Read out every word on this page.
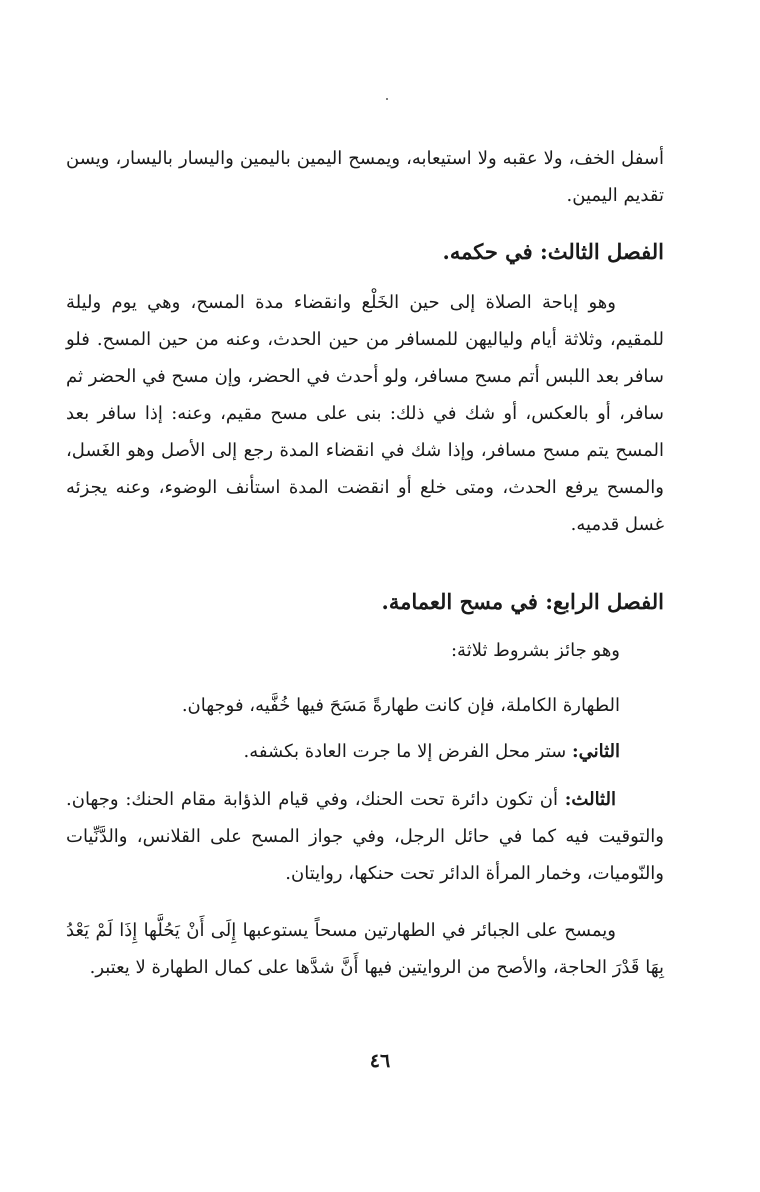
أسفل الخف، ولا عقبه ولا استيعابه، ويمسح اليمين باليمين واليسار باليسار، ويسن تقديم اليمين.
الفصل الثالث: في حكمه.
وهو إباحة الصلاة إلى حين الخَلْع وانقضاء مدة المسح، وهي يوم وليلة للمقيم، وثلاثة أيام ولياليهن للمسافر من حين الحدث، وعنه من حين المسح. فلو سافر بعد اللبس أتم مسح مسافر، ولو أحدث في الحضر، وإن مسح في الحضر ثم سافر، أو بالعكس، أو شك في ذلك: بنى على مسح مقيم، وعنه: إذا سافر بعد المسح يتم مسح مسافر، وإذا شك في انقضاء المدة رجع إلى الأصل وهو الغَسل، والمسح يرفع الحدث، ومتى خلع أو انقضت المدة استأنف الوضوء، وعنه يجزئه غسل قدميه.
الفصل الرابع: في مسح العمامة.
وهو جائز بشروط ثلاثة:
الطهارة الكاملة، فإن كانت طهارةً مَسَحَ فيها خُفَّيه، فوجهان.
الثاني: ستر محل الفرض إلا ما جرت العادة بكشفه.
الثالث: أن تكون دائرة تحت الحنك، وفي قيام الذؤابة مقام الحنك: وجهان. والتوقيت فيه كما في حائل الرجل، وفي جواز المسح على القلانس، والدَّنِّيات والنّوميات، وخمار المرأة الدائر تحت حنكها، روايتان.
ويمسح على الجبائر في الطهارتين مسحاً يستوعبها إِلَى أَنْ يَحُلَّها إِذَا لَمْ يَعْدُ بِهَا قَدْرَ الحاجة، والأصح من الروايتين فيها أَنَّ شدَّها على كمال الطهارة لا يعتبر.
٤٦
